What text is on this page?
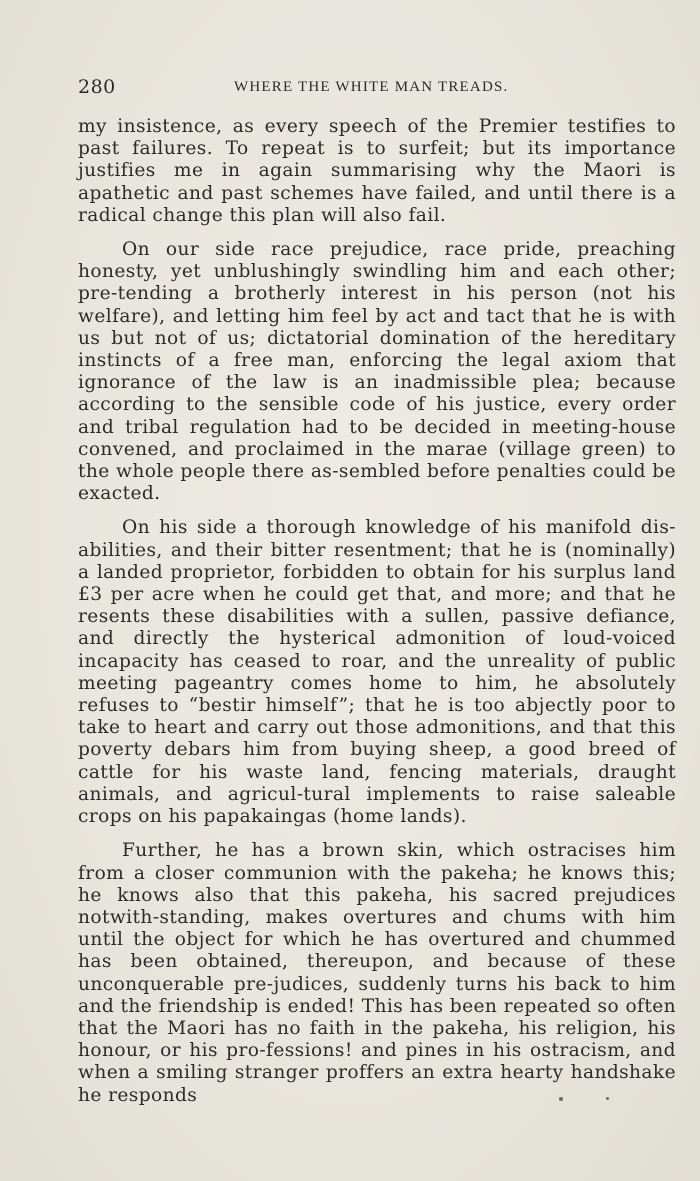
280	WHERE THE WHITE MAN TREADS.

my insistence, as every speech of the Premier testifies to past failures. To repeat is to surfeit; but its importance justifies me in again summarising why the Maori is apathetic and past schemes have failed, and until there is a radical change this plan will also fail.

On our side race prejudice, race pride, preaching honesty, yet unblushingly swindling him and each other; pre-tending a brotherly interest in his person (not his welfare), and letting him feel by act and tact that he is with us but not of us; dictatorial domination of the hereditary instincts of a free man, enforcing the legal axiom that ignorance of the law is an inadmissible plea; because according to the sensible code of his justice, every order and tribal regulation had to be decided in meeting-house convened, and proclaimed in the marae (village green) to the whole people there as-sembled before penalties could be exacted.

On his side a thorough knowledge of his manifold dis-abilities, and their bitter resentment; that he is (nominally) a landed proprietor, forbidden to obtain for his surplus land £3 per acre when he could get that, and more; and that he resents these disabilities with a sullen, passive defiance, and directly the hysterical admonition of loud-voiced incapacity has ceased to roar, and the unreality of public meeting pageantry comes home to him, he absolutely refuses to “bestir himself”; that he is too abjectly poor to take to heart and carry out those admonitions, and that this poverty debars him from buying sheep, a good breed of cattle for his waste land, fencing materials, draught animals, and agricul-tural implements to raise saleable crops on his papakaingas (home lands).

Further, he has a brown skin, which ostracises him from a closer communion with the pakeha; he knows this; he knows also that this pakeha, his sacred prejudices notwith-standing, makes overtures and chums with him until the object for which he has overtured and chummed has been obtained, thereupon, and because of these unconquerable pre-judices, suddenly turns his back to him and the friendship is ended! This has been repeated so often that the Maori has no faith in the pakeha, his religion, his honour, or his pro-fessions! and pines in his ostracism, and when a smiling stranger proffers an extra hearty handshake he responds
